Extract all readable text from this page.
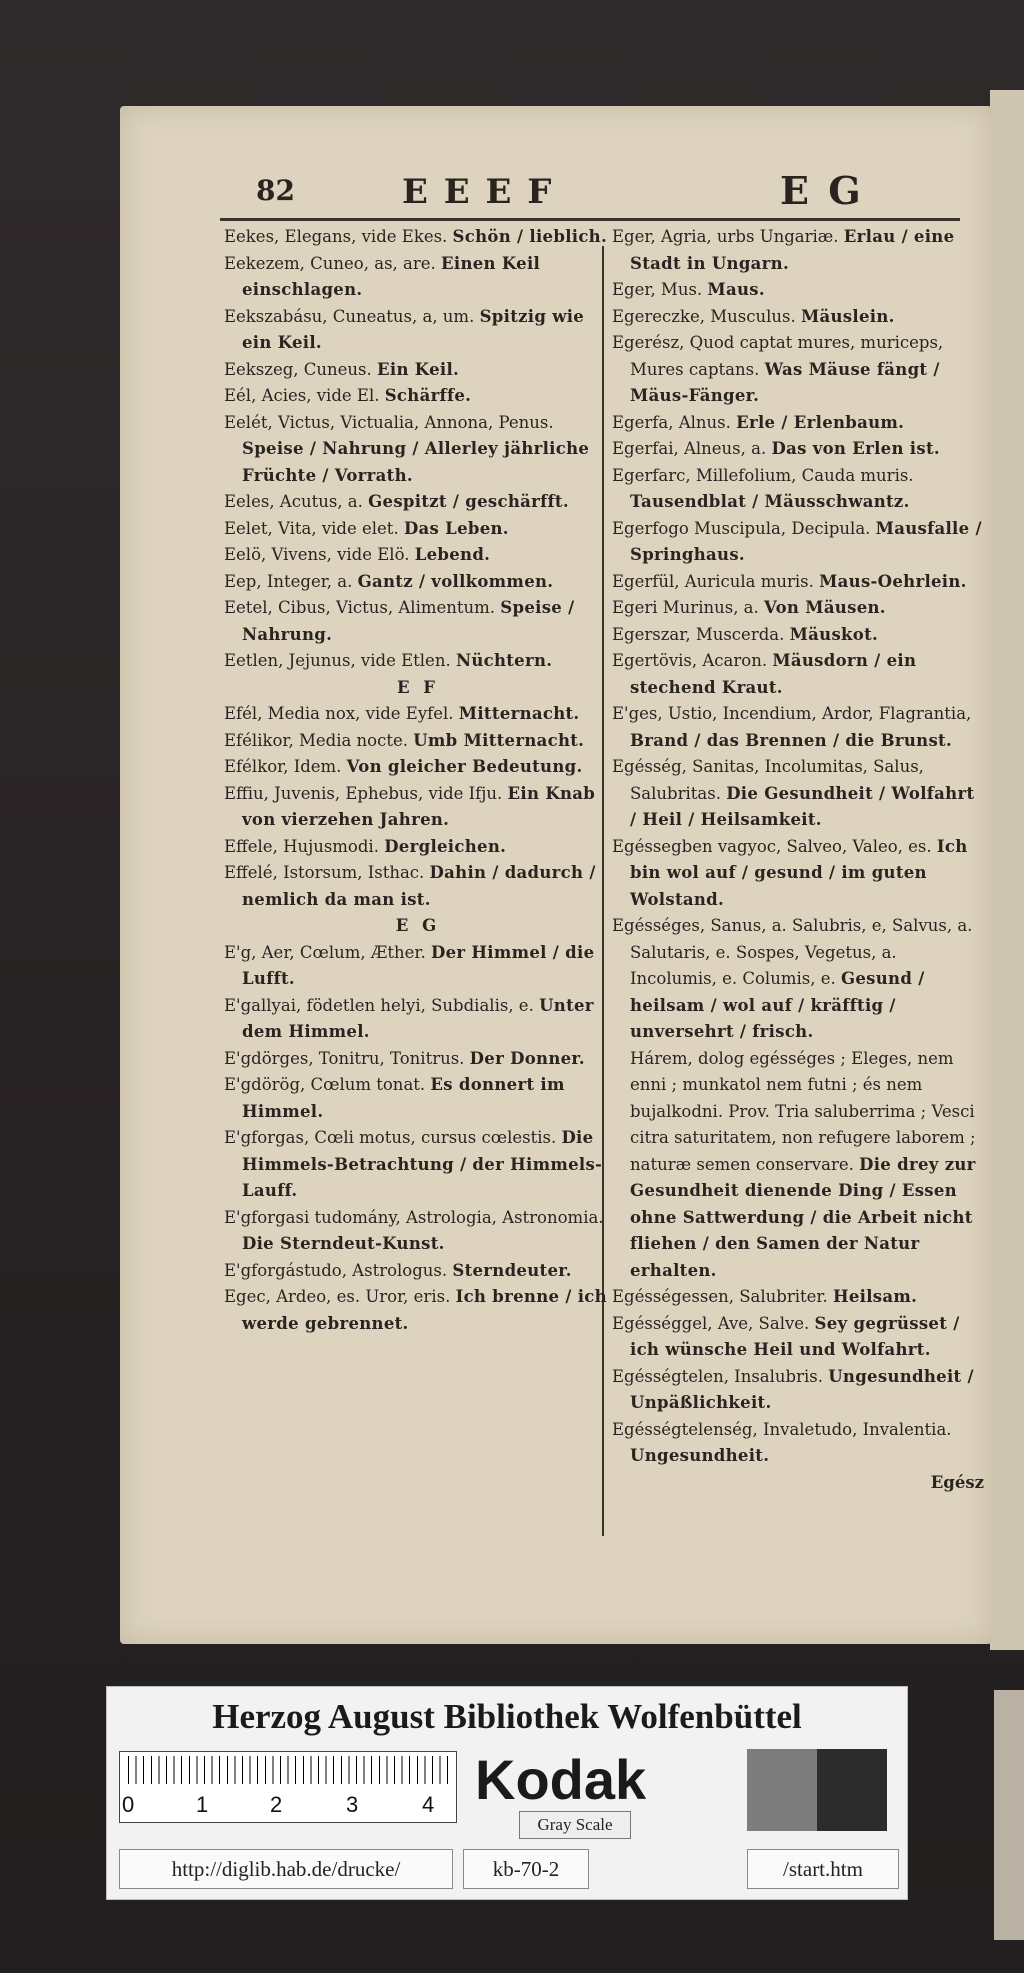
82	E E E F	E G

Eekes, Elegans, vide Ekes. Schön / lieblich.

Eekezem, Cuneo, as, are. Einen Keil einschlagen.

Eekszabásu, Cuneatus, a, um. Spitzig wie ein Keil.

Eekszeg, Cuneus. Ein Keil.

Eél, Acies, vide El. Schärffe.

Eelét, Victus, Victualia, Annona, Penus. Speise / Nahrung / Allerley jährliche Früchte / Vorrath.

Eeles, Acutus, a. Gespitzt / geschärfft.

Eelet, Vita, vide elet. Das Leben.

Eelö, Vivens, vide Elö. Lebend.

Eep, Integer, a. Gantz / vollkommen.

Eetel, Cibus, Victus, Alimentum. Speise / Nahrung.

Eetlen, Jejunus, vide Etlen. Nüchtern.

E F

Efél, Media nox, vide Eyfel. Mitternacht.

Efélikor, Media nocte. Umb Mitternacht.

Efélkor, Idem. Von gleicher Bedeutung.

Effiu, Juvenis, Ephebus, vide Ifju. Ein Knab von vierzehen Jahren.

Effele, Hujusmodi. Dergleichen.

Effelé, Istorsum, Isthac. Dahin / dadurch / nemlich da man ist.

E G

E'g, Aer, Cœlum, Æther. Der Himmel / die Lufft.

E'gallyai, födetlen helyi, Subdialis, e. Unter dem Himmel.

E'gdörges, Tonitru, Tonitrus. Der Donner.

E'gdörög, Cœlum tonat. Es donnert im Himmel.

E'gforgas, Cœli motus, cursus cœlestis. Die Himmels-Betrachtung / der Himmels-Lauff.

E'gforgasi tudomány, Astrologia, Astronomia. Die Sterndeut-Kunst.

E'gforgástudo, Astrologus. Sterndeuter.

Egec, Ardeo, es. Uror, eris. Ich brenne / ich werde gebrennet.

Eger, Agria, urbs Ungariæ. Erlau / eine Stadt in Ungarn.

Eger, Mus. Maus.

Egereczke, Musculus. Mäuslein.

Egerész, Quod captat mures, muriceps, Mures captans. Was Mäuse fängt / Mäus-Fänger.

Egerfa, Alnus. Erle / Erlenbaum.

Egerfai, Alneus, a. Das von Erlen ist.

Egerfarc, Millefolium, Cauda muris. Tausendblat / Mäusschwantz.

Egerfogo Muscipula, Decipula. Mausfalle / Springhaus.

Egerfül, Auricula muris. Maus-Oehrlein.

Egeri Murinus, a. Von Mäusen.

Egerszar, Muscerda. Mäuskot.

Egertövis, Acaron. Mäusdorn / ein stechend Kraut.

E'ges, Ustio, Incendium, Ardor, Flagrantia, Brand / das Brennen / die Brunst.

Egésség, Sanitas, Incolumitas, Salus, Salubritas. Die Gesundheit / Wolfahrt / Heil / Heilsamkeit.

Egéssegben vagyoc, Salveo, Valeo, es. Ich bin wol auf / gesund / im guten Wolstand.

Egésséges, Sanus, a. Salubris, e, Salvus, a. Salutaris, e. Sospes, Vegetus, a. Incolumis, e. Columis, e. Gesund / heilsam / wol auf / kräfftig / unversehrt / frisch.

Hárem, dolog egésséges ; Eleges, nem enni ; munkatol nem futni ; és nem bujalkodni. Prov. Tria saluberrima ; Vesci citra saturitatem, non refugere laborem ; naturæ semen conservare. Die drey zur Gesundheit dienende Ding / Essen ohne Sattwerdung / die Arbeit nicht fliehen / den Samen der Natur erhalten.

Egésségessen, Salubriter. Heilsam.

Egésséggel, Ave, Salve. Sey gegrüsset / ich wünsche Heil und Wolfahrt.

Egésségtelen, Insalubris. Ungesundheit / Unpäßlichkeit.

Egésségtelenség, Invaletudo, Invalentia. Ungesundheit.

Egész

Herzog August Bibliothek Wolfenbüttel
0	1	2	3	4 Kodak
Gray Scale
http://diglib.hab.de/drucke/	kb-70-2	/start.htm
